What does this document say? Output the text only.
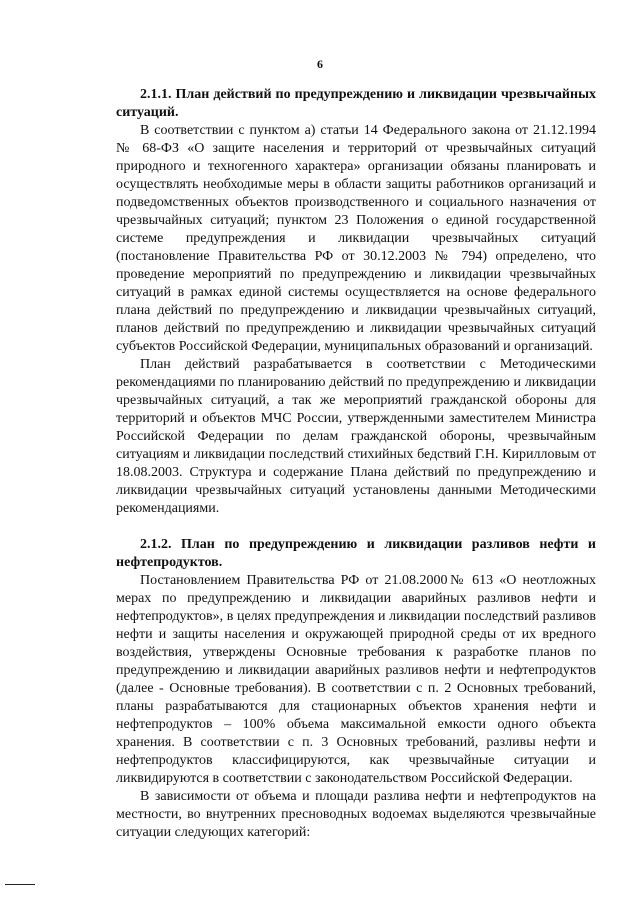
6

2.1.1. План действий по предупреждению и ликвидации чрезвычайных ситуаций.

В соответствии с пунктом а) статьи 14 Федерального закона от 21.12.1994 № 68-ФЗ «О защите населения и территорий от чрезвычайных ситуаций природного и техногенного характера» организации обязаны планировать и осуществлять необходимые меры в области защиты работников организаций и подведомственных объектов производственного и социального назначения от чрезвычайных ситуаций; пунктом 23 Положения о единой государственной системе предупреждения и ликвидации чрезвычайных ситуаций (постановление Правительства РФ от 30.12.2003 № 794) определено, что проведение мероприятий по предупреждению и ликвидации чрезвычайных ситуаций в рамках единой системы осуществляется на основе федерального плана действий по предупреждению и ликвидации чрезвычайных ситуаций, планов действий по предупреждению и ликвидации чрезвычайных ситуаций субъектов Российской Федерации, муниципальных образований и организаций.

План действий разрабатывается в соответствии с Методическими рекомендациями по планированию действий по предупреждению и ликвидации чрезвычайных ситуаций, а так же мероприятий гражданской обороны для территорий и объектов МЧС России, утвержденными заместителем Министра Российской Федерации по делам гражданской обороны, чрезвычайным ситуациям и ликвидации последствий стихийных бедствий Г.Н. Кирилловым от 18.08.2003. Структура и содержание Плана действий по предупреждению и ликвидации чрезвычайных ситуаций установлены данными Методическими рекомендациями.

2.1.2. План по предупреждению и ликвидации разливов нефти и нефтепродуктов.

Постановлением Правительства РФ от 21.08.2000№ 613 «О неотложных мерах по предупреждению и ликвидации аварийных разливов нефти и нефтепродуктов», в целях предупреждения и ликвидации последствий разливов нефти и защиты населения и окружающей природной среды от их вредного воздействия, утверждены Основные требования к разработке планов по предупреждению и ликвидации аварийных разливов нефти и нефтепродуктов (далее - Основные требования). В соответствии с п. 2 Основных требований, планы разрабатываются для стационарных объектов хранения нефти и нефтепродуктов – 100% объема максимальной емкости одного объекта хранения. В соответствии с п. 3 Основных требований, разливы нефти и нефтепродуктов классифицируются, как чрезвычайные ситуации и ликвидируются в соответствии с законодательством Российской Федерации.

В зависимости от объема и площади разлива нефти и нефтепродуктов на местности, во внутренних пресноводных водоемах выделяются чрезвычайные ситуации следующих категорий:
